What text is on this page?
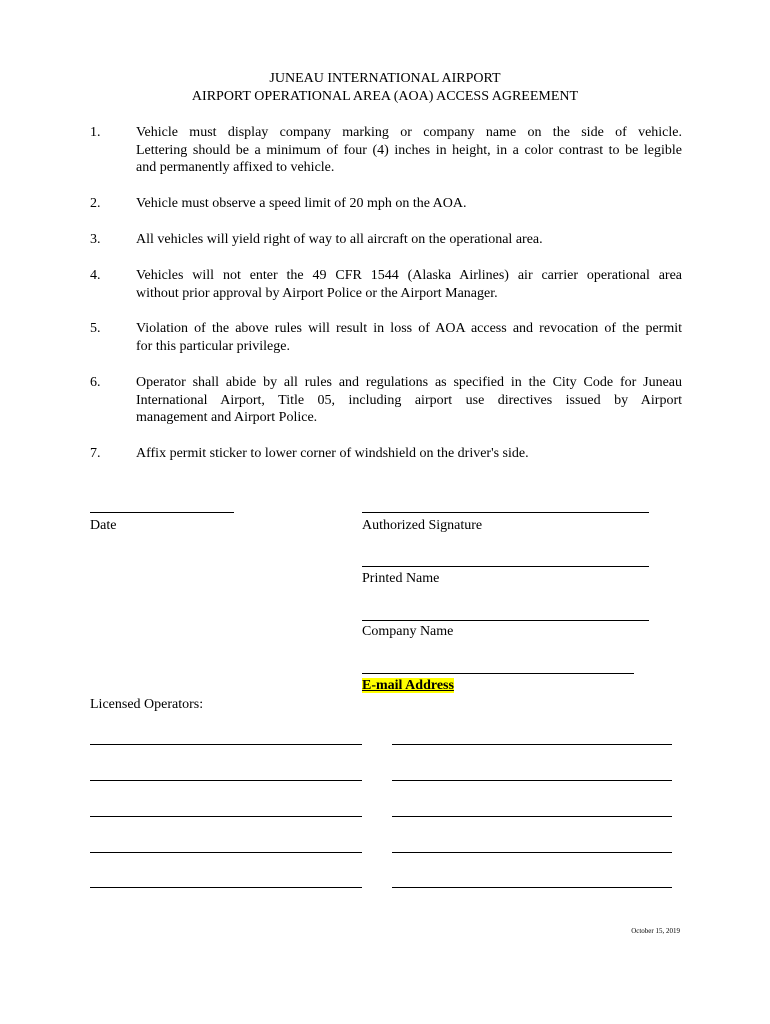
JUNEAU INTERNATIONAL AIRPORT
AIRPORT OPERATIONAL AREA (AOA) ACCESS AGREEMENT
1.	Vehicle must display company marking or company name on the side of vehicle.
Lettering should be a minimum of four (4) inches in height, in a color contrast to be legible
and permanently affixed to vehicle.
2.	Vehicle must observe a speed limit of 20 mph on the AOA.
3.	All vehicles will yield right of way to all aircraft on the operational area.
4.	Vehicles will not enter the 49 CFR 1544 (Alaska Airlines) air carrier operational area
without prior approval by Airport Police or the Airport Manager.
5.	Violation of the above rules will result in loss of AOA access and revocation of the permit
for this particular privilege.
6.	Operator shall abide by all rules and regulations as specified in the City Code for Juneau
International Airport, Title 05, including airport use directives issued by Airport
management and Airport Police.
7.	Affix permit sticker to lower corner of windshield on the driver's side.
Date	Authorized Signature
Printed Name
Company Name
E-mail Address
Licensed Operators:
October 15, 2019
